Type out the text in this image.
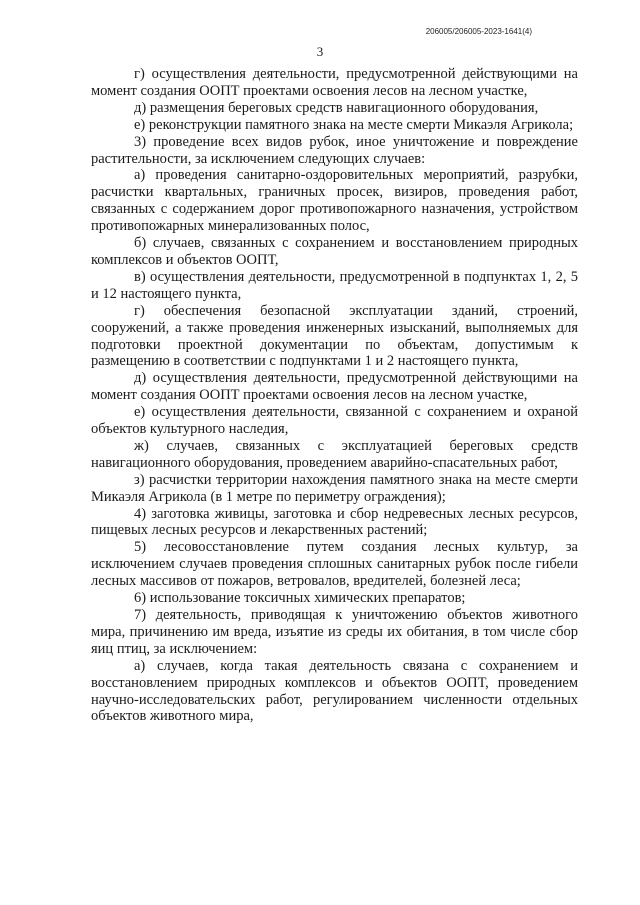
206005/206005-2023-1641(4)
3

г) осуществления деятельности, предусмотренной действующими на момент создания ООПТ проектами освоения лесов на лесном участке,

д) размещения береговых средств навигационного оборудования,

е) реконструкции памятного знака на месте смерти Микаэля Агрикола;

3) проведение всех видов рубок, иное уничтожение и повреждение растительности, за исключением следующих случаев:

а) проведения санитарно-оздоровительных мероприятий, разрубки, расчистки квартальных, граничных просек, визиров, проведения работ, связанных с содержанием дорог противопожарного назначения, устройством противопожарных минерализованных полос,

б) случаев, связанных с сохранением и восстановлением природных комплексов и объектов ООПТ,

в) осуществления деятельности, предусмотренной в подпунктах 1, 2, 5 и 12 настоящего пункта,

г) обеспечения безопасной эксплуатации зданий, строений, сооружений, а также проведения инженерных изысканий, выполняемых для подготовки проектной документации по объектам, допустимым к размещению в соответствии с подпунктами 1 и 2 настоящего пункта,

д) осуществления деятельности, предусмотренной действующими на момент создания ООПТ проектами освоения лесов на лесном участке,

е) осуществления деятельности, связанной с сохранением и охраной объектов культурного наследия,

ж) случаев, связанных с эксплуатацией береговых средств навигационного оборудования, проведением аварийно-спасательных работ,

з) расчистки территории нахождения памятного знака на месте смерти Микаэля Агрикола (в 1 метре по периметру ограждения);

4) заготовка живицы, заготовка и сбор недревесных лесных ресурсов, пищевых лесных ресурсов и лекарственных растений;

5) лесовосстановление путем создания лесных культур, за исключением случаев проведения сплошных санитарных рубок после гибели лесных массивов от пожаров, ветровалов, вредителей, болезней леса;

6) использование токсичных химических препаратов;

7) деятельность, приводящая к уничтожению объектов животного мира, причинению им вреда, изъятие из среды их обитания, в том числе сбор яиц птиц, за исключением:

а) случаев, когда такая деятельность связана с сохранением и восстановлением природных комплексов и объектов ООПТ, проведением научно-исследовательских работ, регулированием численности отдельных объектов животного мира,
